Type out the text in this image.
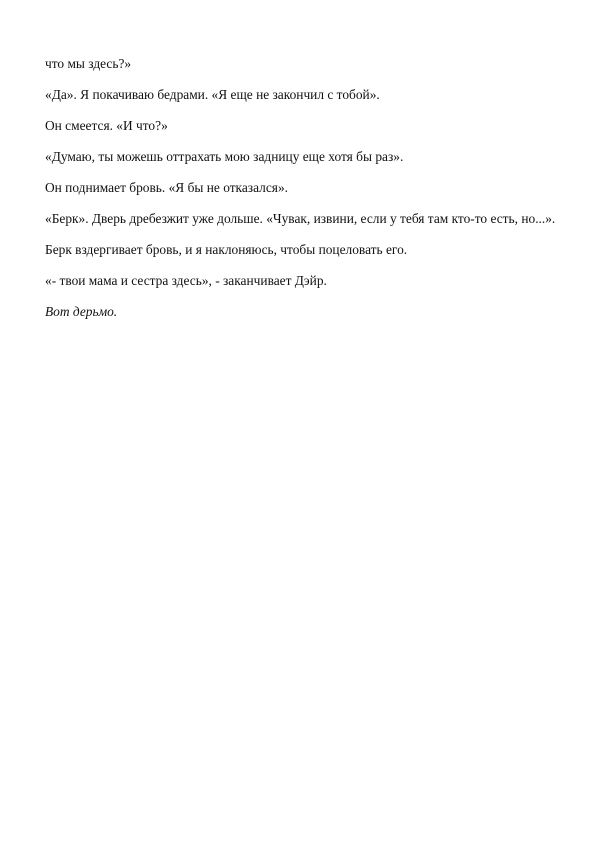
что мы здесь?»

«Да». Я покачиваю бедрами. «Я еще не закончил с тобой».

Он смеется. «И что?»

«Думаю, ты можешь оттрахать мою задницу еще хотя бы раз».

Он поднимает бровь. «Я бы не отказался».

«Берк». Дверь дребезжит уже дольше. «Чувак, извини, если у тебя там кто-то есть, но...».

Берк вздергивает бровь, и я наклоняюсь, чтобы поцеловать его.

«- твои мама и сестра здесь», - заканчивает Дэйр.

Вот дерьмо.
